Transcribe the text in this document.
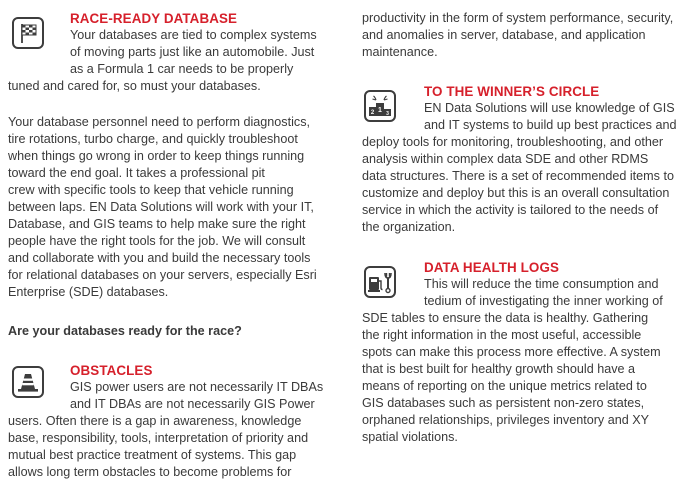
RACE-READY DATABASE
Your databases are tied to complex systems
of moving parts just like an automobile. Just
as a Formula 1 car needs to be properly
tuned and cared for, so must your databases.
Your database personnel need to perform diagnostics,
tire rotations, turbo charge, and quickly troubleshoot
when things go wrong in order to keep things running
toward the end goal. It takes a professional pit
crew with specific tools to keep that vehicle running
between laps. EN Data Solutions will work with your IT,
Database, and GIS teams to help make sure the right
people have the right tools for the job. We will consult
and collaborate with you and build the necessary tools
for relational databases on your servers, especially Esri
Enterprise (SDE) databases.
Are your databases ready for the race?
OBSTACLES
GIS power users are not necessarily IT DBAs
and IT DBAs are not necessarily GIS Power
users. Often there is a gap in awareness, knowledge
base, responsibility, tools, interpretation of priority and
mutual best practice treatment of systems. This gap
allows long term obstacles to become problems for
productivity in the form of system performance, security,
and anomalies in server, database, and application
maintenance.
1
2 3
TO THE WINNER’S CIRCLE
EN Data Solutions will use knowledge of GIS
and IT systems to build up best practices and
deploy tools for monitoring, troubleshooting, and other
analysis within complex data SDE and other RDMS
data structures. There is a set of recommended items to
customize and deploy but this is an overall consultation
service in which the activity is tailored to the needs of
the organization.
DATA HEALTH LOGS
This will reduce the time consumption and
tedium of investigating the inner working of
SDE tables to ensure the data is healthy. Gathering
the right information in the most useful, accessible
spots can make this process more effective. A system
that is best built for healthy growth should have a
means of reporting on the unique metrics related to
GIS databases such as persistent non-zero states,
orphaned relationships, privileges inventory and XY
spatial violations.
